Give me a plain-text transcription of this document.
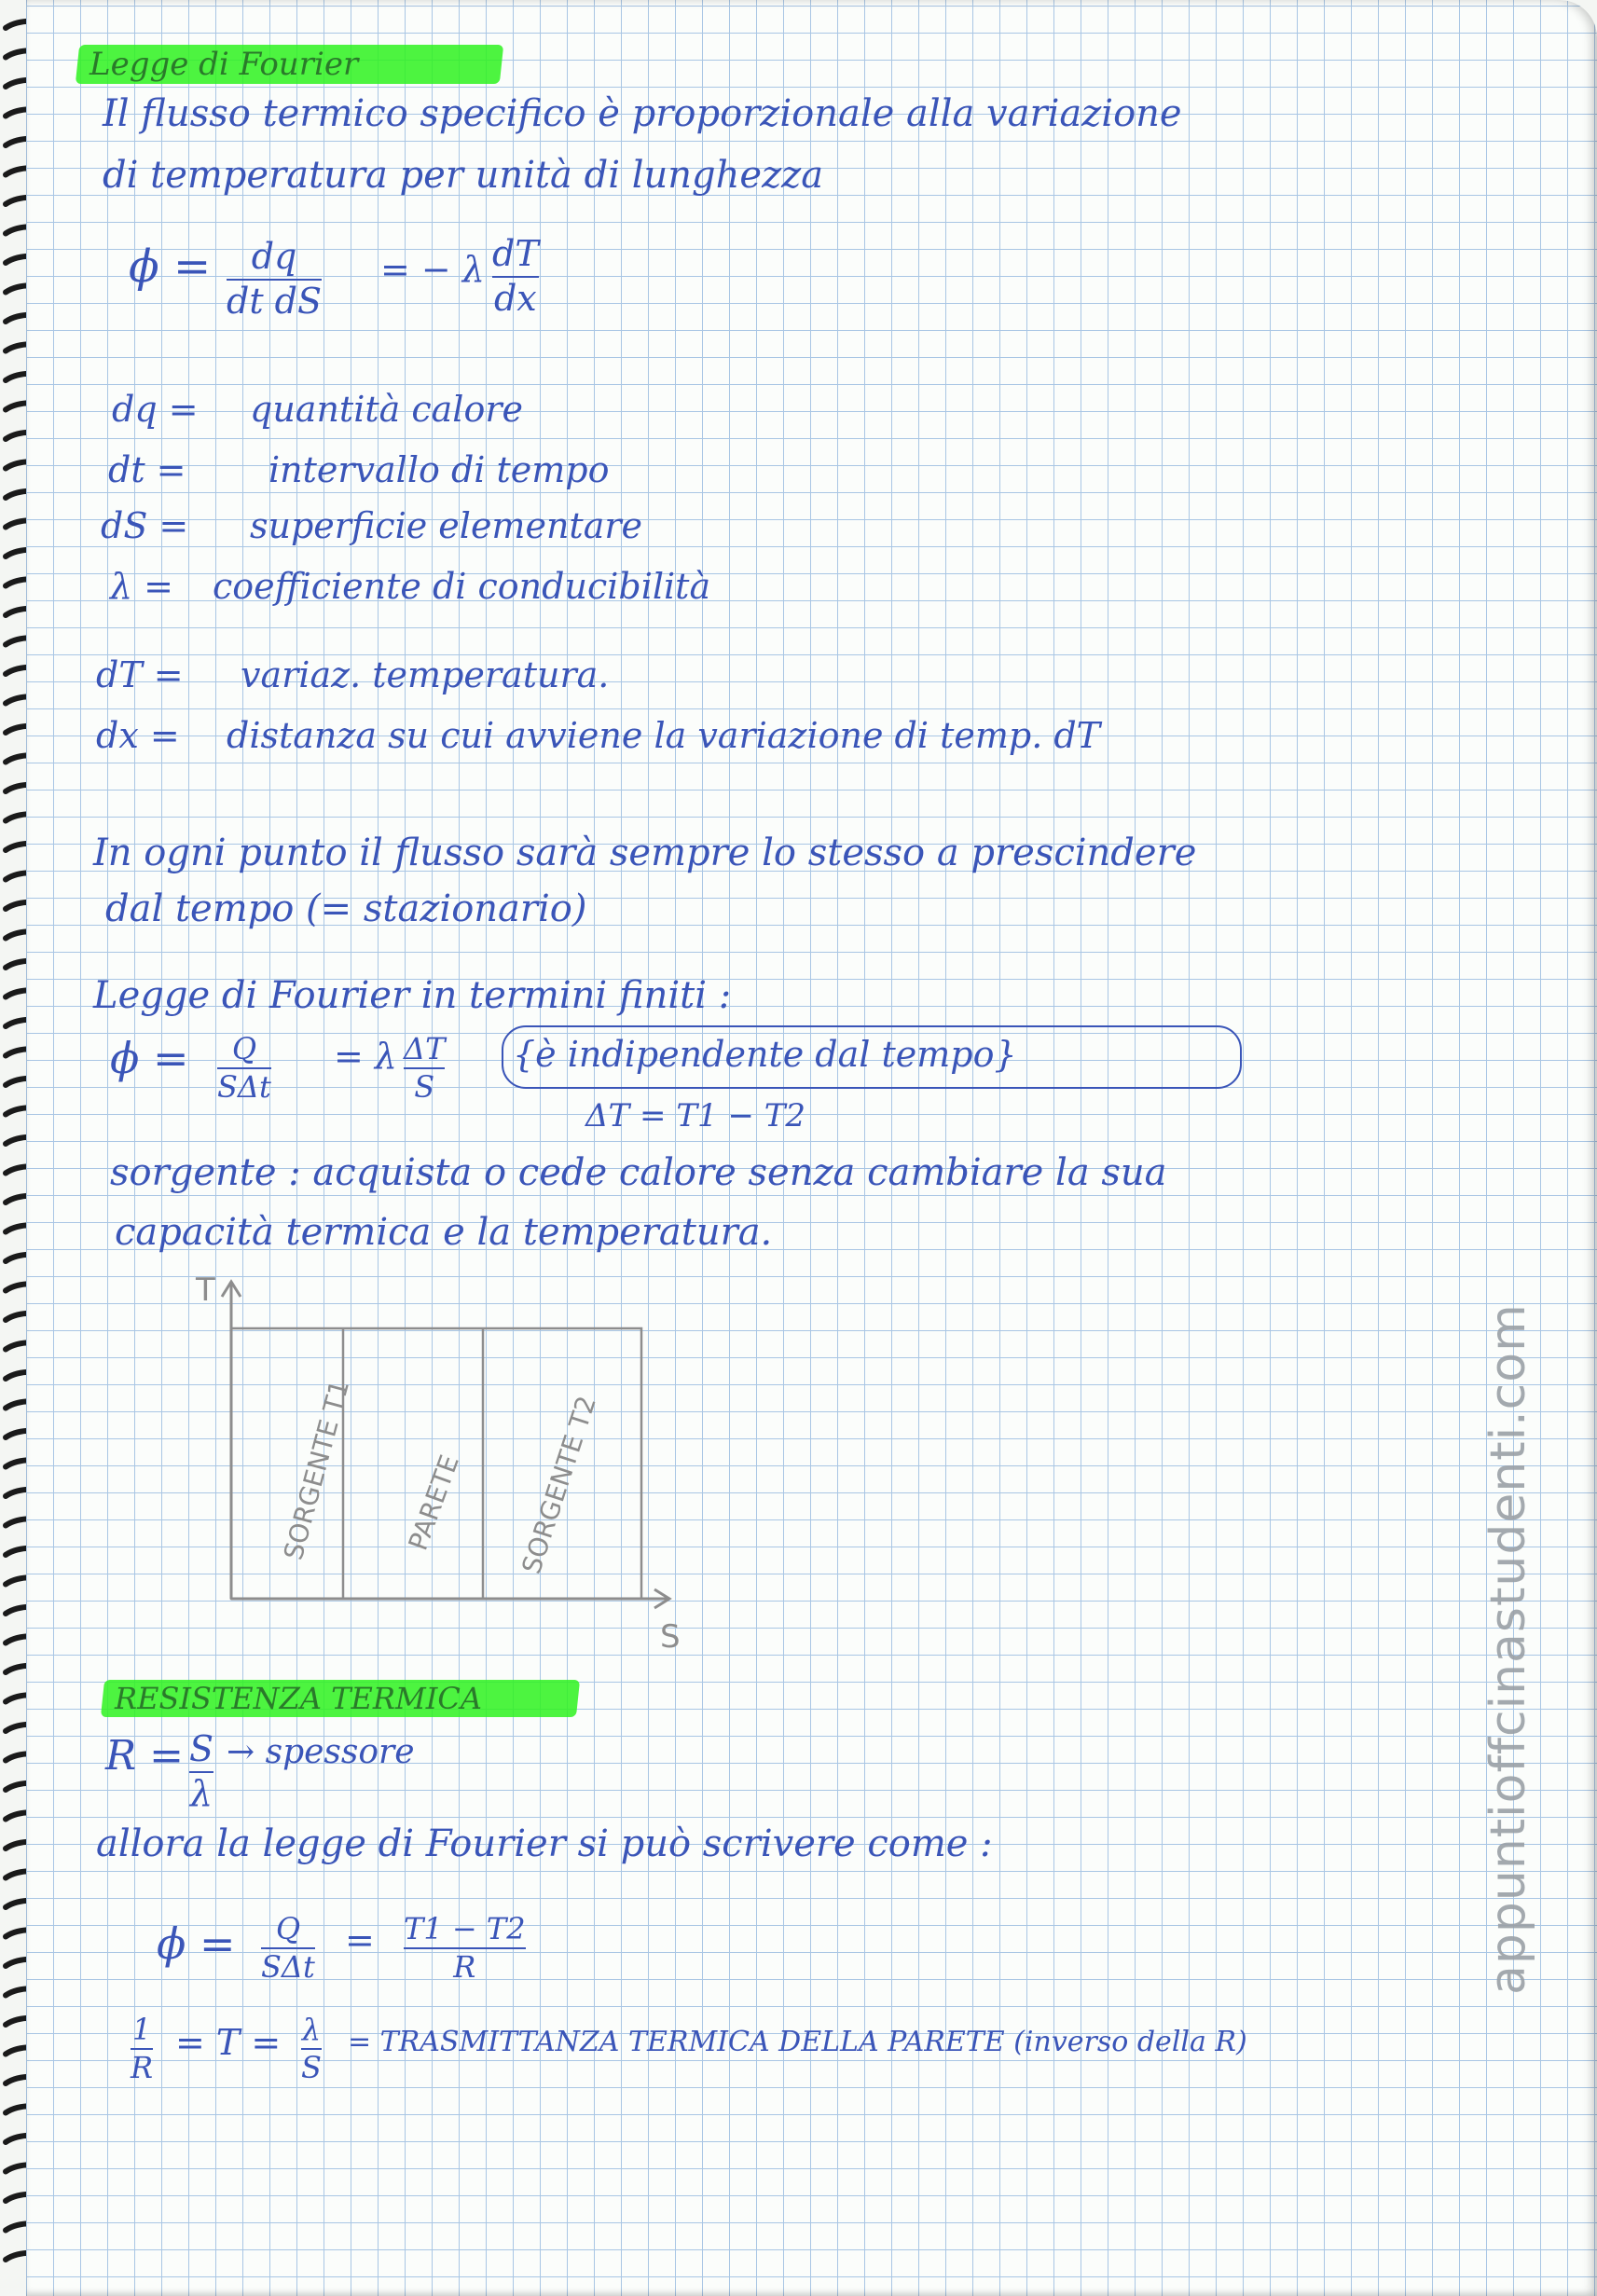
Legge di Fourier
Il flusso termico specifico è proporzionale alla variazione
di temperatura per unità di lunghezza
ϕ = dq
dt dS
= − λ dT
dx
dq = quantità calore
dt = intervallo di tempo
dS = superficie elementare
λ = coefficiente di conducibilità
dT = variaz. temperatura.
dx = distanza su cui avviene la variazione di temp. dT
In ogni punto il flusso sarà sempre lo stesso a prescindere
dal tempo (= stazionario)
Legge di Fourier in termini finiti :
ϕ = Q
SΔt
= λ ΔT
S
{è indipendente dal tempo}
ΔT = T1 − T2
sorgente : acquista o cede calore senza cambiare la sua
capacità termica e la temperatura.
T
S
SORGENTE T1 PARETE SORGENTE T2
RESISTENZA TERMICA
R = S
λ
→ spessore
allora la legge di Fourier si può scrivere come :
ϕ = Q
SΔt
= T1 − T2
R
1
R
= T = λ
S
= TRASMITTANZA TERMICA DELLA PARETE (inverso della R)
appuntioffcinastudenti.com
